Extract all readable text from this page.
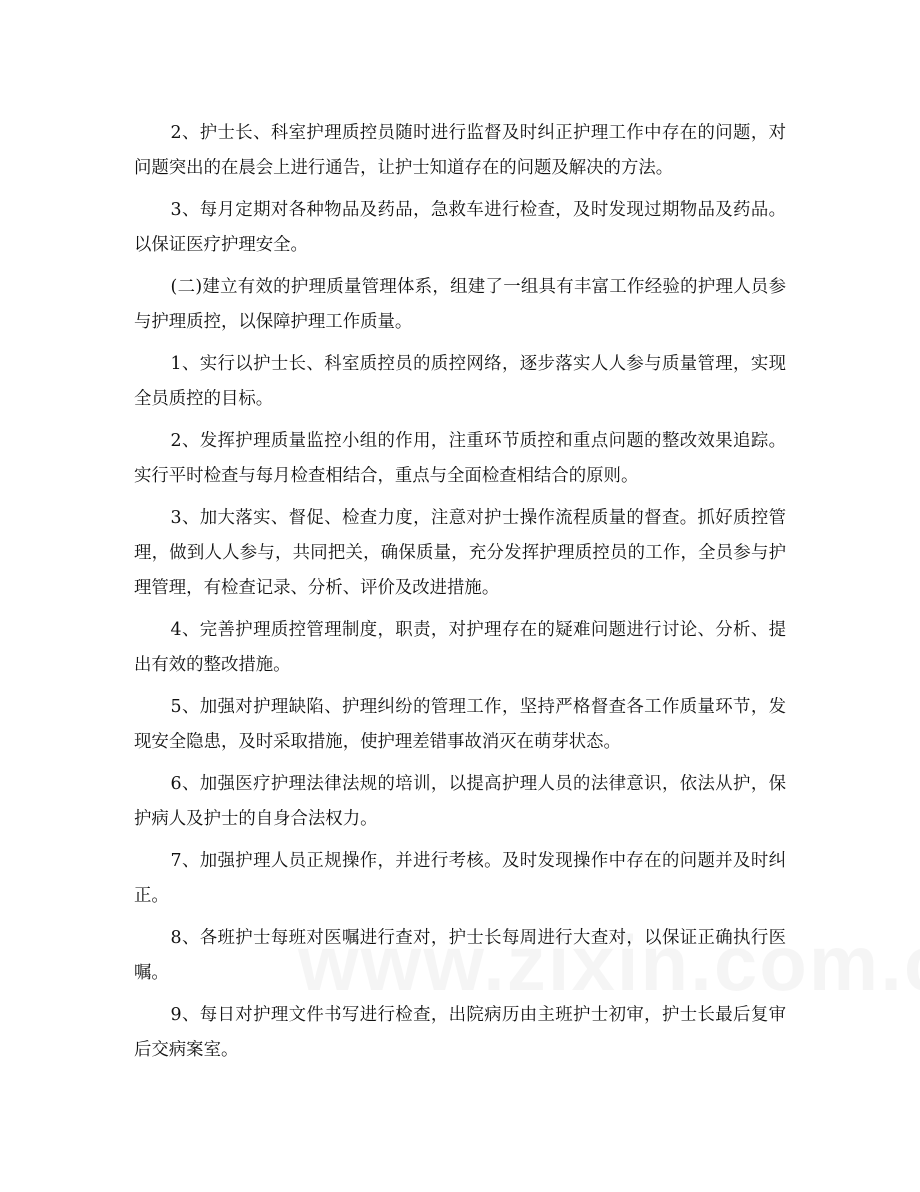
2、护士长、科室护理质控员随时进行监督及时纠正护理工作中存在的问题，对问题突出的在晨会上进行通告，让护士知道存在的问题及解决的方法。

3、每月定期对各种物品及药品，急救车进行检查，及时发现过期物品及药品。以保证医疗护理安全。

(二)建立有效的护理质量管理体系，组建了一组具有丰富工作经验的护理人员参与护理质控，以保障护理工作质量。

1、实行以护士长、科室质控员的质控网络，逐步落实人人参与质量管理，实现全员质控的目标。

2、发挥护理质量监控小组的作用，注重环节质控和重点问题的整改效果追踪。实行平时检查与每月检查相结合，重点与全面检查相结合的原则。

3、加大落实、督促、检查力度，注意对护士操作流程质量的督查。抓好质控管理，做到人人参与，共同把关，确保质量，充分发挥护理质控员的工作，全员参与护理管理，有检查记录、分析、评价及改进措施。

4、完善护理质控管理制度，职责，对护理存在的疑难问题进行讨论、分析、提出有效的整改措施。

5、加强对护理缺陷、护理纠纷的管理工作，坚持严格督查各工作质量环节，发现安全隐患，及时采取措施，使护理差错事故消灭在萌芽状态。

6、加强医疗护理法律法规的培训，以提高护理人员的法律意识，依法从护，保护病人及护士的自身合法权力。

7、加强护理人员正规操作，并进行考核。及时发现操作中存在的问题并及时纠正。

8、各班护士每班对医嘱进行查对，护士长每周进行大查对，以保证正确执行医嘱。

9、每日对护理文件书写进行检查，出院病历由主班护士初审，护士长最后复审后交病案室。
